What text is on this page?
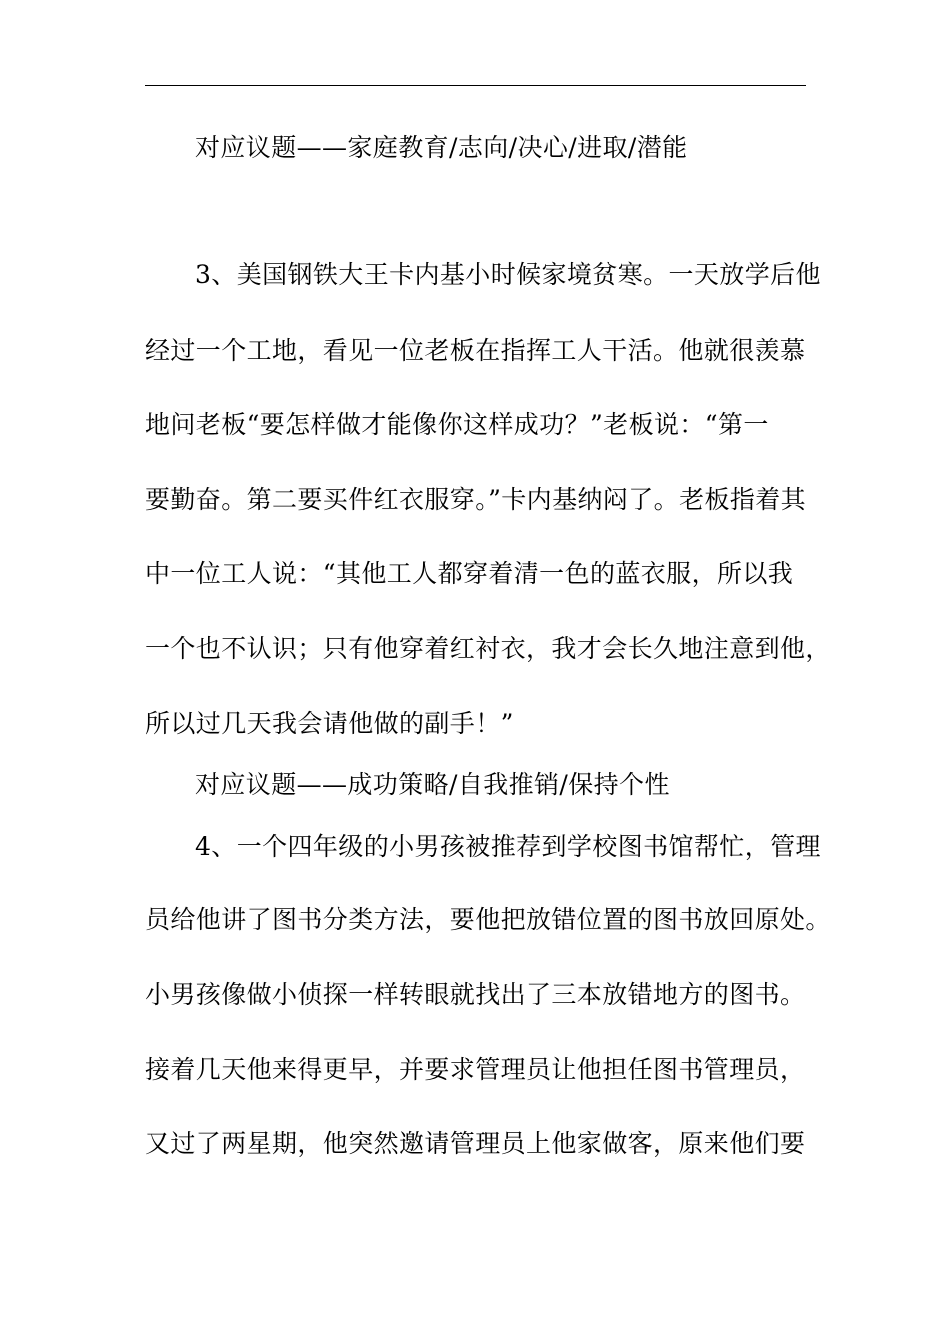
对应议题——家庭教育/志向/决心/进取/潜能
3、美国钢铁大王卡内基小时候家境贫寒。一天放学后他
经过一个工地，看见一位老板在指挥工人干活。他就很羡慕
地问老板“要怎样做才能像你这样成功？”老板说：“第一
要勤奋。第二要买件红衣服穿。”卡内基纳闷了。老板指着其
中一位工人说：“其他工人都穿着清一色的蓝衣服，所以我
一个也不认识；只有他穿着红衬衣，我才会长久地注意到他，
所以过几天我会请他做的副手！”
对应议题——成功策略/自我推销/保持个性
4、一个四年级的小男孩被推荐到学校图书馆帮忙，管理
员给他讲了图书分类方法，要他把放错位置的图书放回原处。
小男孩像做小侦探一样转眼就找出了三本放错地方的图书。
接着几天他来得更早，并要求管理员让他担任图书管理员，
又过了两星期，他突然邀请管理员上他家做客，原来他们要
